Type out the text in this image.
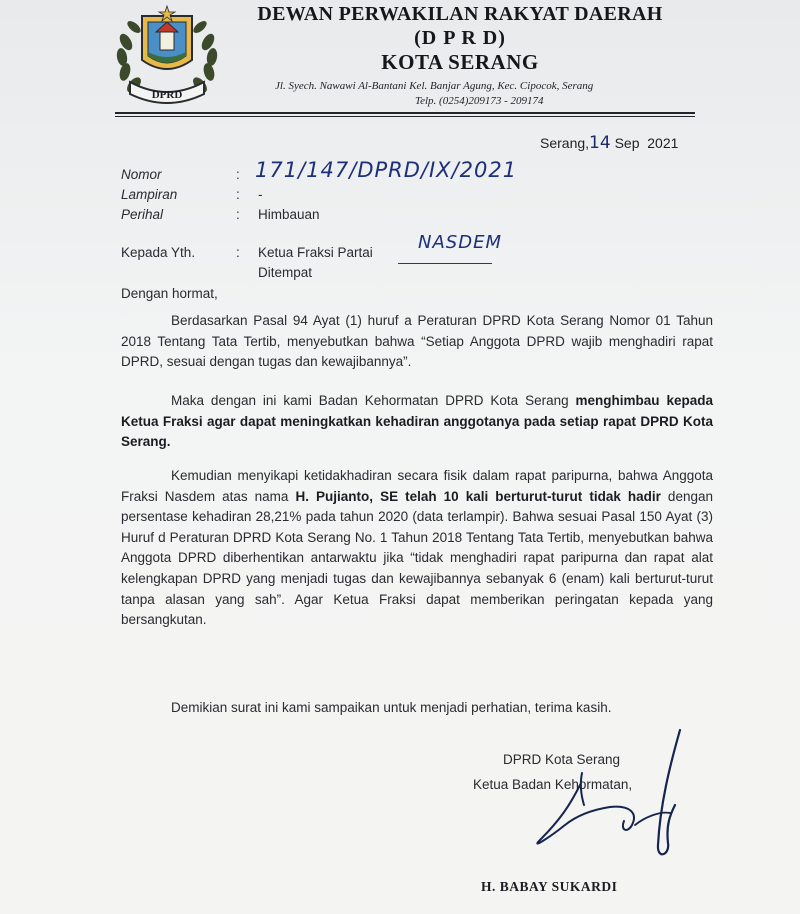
DPRD
DEWAN PERWAKILAN RAKYAT DAERAH
(D P R D)
KOTA SERANG
Jl. Syech. Nawawi Al-Bantani Kel. Banjar Agung, Kec. Cipocok, Serang
Telp. (0254)209173 - 209174
Serang,14 Sep  2021
Nomor	: 171/147/DPRD/IX/2021
Lampiran	: -
Perihal	: Himbauan
Kepada Yth.	: Ketua Fraksi Partai	NASDEM
Ditempat
Dengan hormat,
Berdasarkan Pasal 94 Ayat (1) huruf a Peraturan DPRD Kota Serang Nomor 01 Tahun 2018 Tentang Tata Tertib, menyebutkan bahwa “Setiap Anggota DPRD wajib menghadiri rapat DPRD, sesuai dengan tugas dan kewajibannya”.
Maka dengan ini kami Badan Kehormatan DPRD Kota Serang menghimbau kepada Ketua Fraksi agar dapat meningkatkan kehadiran anggotanya pada setiap rapat DPRD Kota Serang.
Kemudian menyikapi ketidakhadiran secara fisik dalam rapat paripurna, bahwa Anggota Fraksi Nasdem atas nama H. Pujianto, SE telah 10 kali berturut-turut tidak hadir dengan persentase kehadiran 28,21% pada tahun 2020 (data terlampir). Bahwa sesuai Pasal 150 Ayat (3) Huruf d Peraturan DPRD Kota Serang No. 1 Tahun 2018 Tentang Tata Tertib, menyebutkan bahwa Anggota DPRD diberhentikan antarwaktu jika “tidak menghadiri rapat paripurna dan rapat alat kelengkapan DPRD yang menjadi tugas dan kewajibannya sebanyak 6 (enam) kali berturut-turut tanpa alasan yang sah”. Agar Ketua Fraksi dapat memberikan peringatan kepada yang bersangkutan.
Demikian surat ini kami sampaikan untuk menjadi perhatian, terima kasih.
DPRD Kota Serang
Ketua Badan Kehormatan,
H. BABAY SUKARDI
